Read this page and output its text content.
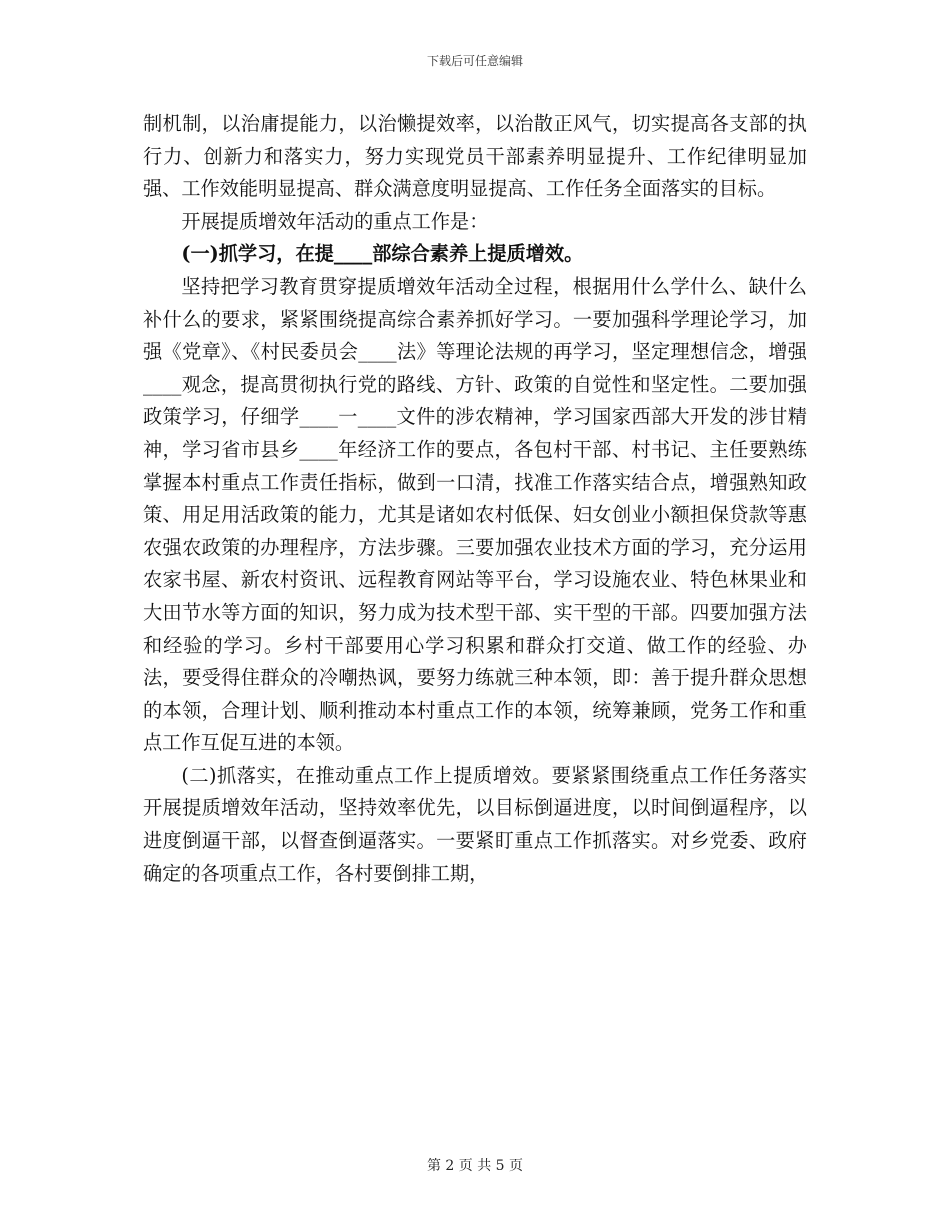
下载后可任意编辑

制机制，以治庸提能力，以治懒提效率，以治散正风气，切实提高各支部的执行力、创新力和落实力，努力实现党员干部素养明显提升、工作纪律明显加强、工作效能明显提高、群众满意度明显提高、工作任务全面落实的目标。

开展提质增效年活动的重点工作是：

(一)抓学习，在提____部综合素养上提质增效。

坚持把学习教育贯穿提质增效年活动全过程，根据用什么学什么、缺什么补什么的要求，紧紧围绕提高综合素养抓好学习。一要加强科学理论学习，加强《党章》、《村民委员会____法》等理论法规的再学习，坚定理想信念，增强____观念，提高贯彻执行党的路线、方针、政策的自觉性和坚定性。二要加强政策学习，仔细学____一____文件的涉农精神，学习国家西部大开发的涉甘精神，学习省市县乡____年经济工作的要点，各包村干部、村书记、主任要熟练掌握本村重点工作责任指标，做到一口清，找准工作落实结合点，增强熟知政策、用足用活政策的能力，尤其是诸如农村低保、妇女创业小额担保贷款等惠农强农政策的办理程序，方法步骤。三要加强农业技术方面的学习，充分运用农家书屋、新农村资讯、远程教育网站等平台，学习设施农业、特色林果业和大田节水等方面的知识，努力成为技术型干部、实干型的干部。四要加强方法和经验的学习。乡村干部要用心学习积累和群众打交道、做工作的经验、办法，要受得住群众的冷嘲热讽，要努力练就三种本领，即：善于提升群众思想的本领，合理计划、顺利推动本村重点工作的本领，统筹兼顾，党务工作和重点工作互促互进的本领。

(二)抓落实，在推动重点工作上提质增效。要紧紧围绕重点工作任务落实开展提质增效年活动，坚持效率优先，以目标倒逼进度，以时间倒逼程序，以进度倒逼干部，以督查倒逼落实。一要紧盯重点工作抓落实。对乡党委、政府确定的各项重点工作，各村要倒排工期，

第 2 页 共 5 页
